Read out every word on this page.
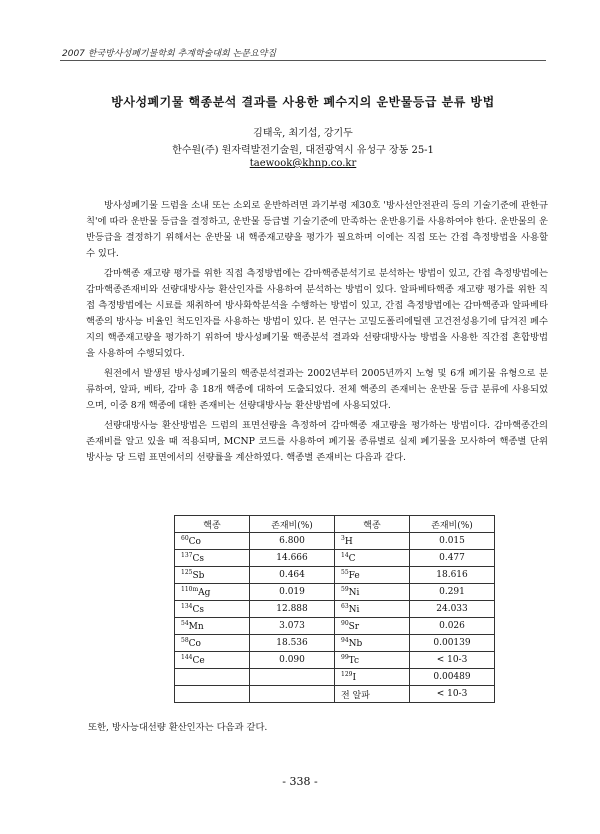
2007 한국방사성폐기물학회 추계학술대회 논문요약집
방사성폐기물 핵종분석 결과를 사용한 폐수지의 운반물등급 분류 방법
김태욱, 최기섭, 강기두
한수원(주) 원자력발전기술원, 대전광역시 유성구 장동 25-1
taewook@khnp.co.kr

방사성폐기물 드럼을 소내 또는 소외로 운반하려면 과기부령 제30호 '방사선안전관리 등의 기술기준에 관한규칙'에 따라 운반물 등급을 결정하고, 운반물 등급별 기술기준에 만족하는 운반용기를 사용하여야 한다. 운반물의 운반등급을 결정하기 위해서는 운반물 내 핵종재고량을 평가가 필요하며 이에는 직접 또는 간접 측정방법을 사용할 수 있다.

감마핵종 재고량 평가를 위한 직접 측정방법에는 감마핵종분석기로 분석하는 방법이 있고, 간접 측정방법에는 감마핵종존재비와 선량대방사능 환산인자를 사용하여 분석하는 방법이 있다. 알파베타핵종 재고량 평가를 위한 직접 측정방법에는 시료를 채취하여 방사화학분석을 수행하는 방법이 있고, 간접 측정방법에는 감마핵종과 알파베타 핵종의 방사능 비율인 척도인자를 사용하는 방법이 있다. 본 연구는 고밀도폴리에틸렌 고건전성용기에 담겨진 폐수지의 핵종재고량을 평가하기 위하여 방사성폐기물 핵종분석 결과와 선량대방사능 방법을 사용한 직간접 혼합방법을 사용하여 수행되었다.

원전에서 발생된 방사성폐기물의 핵종분석결과는 2002년부터 2005년까지 노형 및 6개 폐기물 유형으로 분류하여, 알파, 베타, 감마 총 18개 핵종에 대하여 도출되었다. 전체 핵종의 존재비는 운반물 등급 분류에 사용되었으며, 이중 8개 핵종에 대한 존재비는 선량대방사능 환산방법에 사용되었다.

선량대방사능 환산방법은 드럼의 표면선량을 측정하여 감마핵종 재고량을 평가하는 방법이다. 감마핵종간의 존재비를 알고 있을 때 적용되며, MCNP 코드를 사용하여 폐기물 종류별로 실제 폐기물을 모사하여 핵종별 단위 방사능 당 드럼 표면에서의 선량률을 계산하였다. 핵종별 존재비는 다음과 같다.

핵종	존재비(%)	핵종	존재비(%)
$^{60}$Co	6.800	$^3$H	0.015
$^{137}$Cs	14.666	$^{14}$C	0.477
$^{125}$Sb	0.464	$^{55}$Fe	18.616
$^{110m}$Ag	0.019	$^{59}$Ni	0.291
$^{134}$Cs	12.888	$^{63}$Ni	24.033
$^{54}$Mn	3.073	$^{90}$Sr	0.026
$^{58}$Co	18.536	$^{94}$Nb	0.00139
$^{144}$Ce	0.090	$^{99}$Tc	< 10-3
		$^{129}$I	0.00489
		전 알파	< 10-3
또한, 방사능대선량 환산인자는 다음과 같다.
- 338 -
